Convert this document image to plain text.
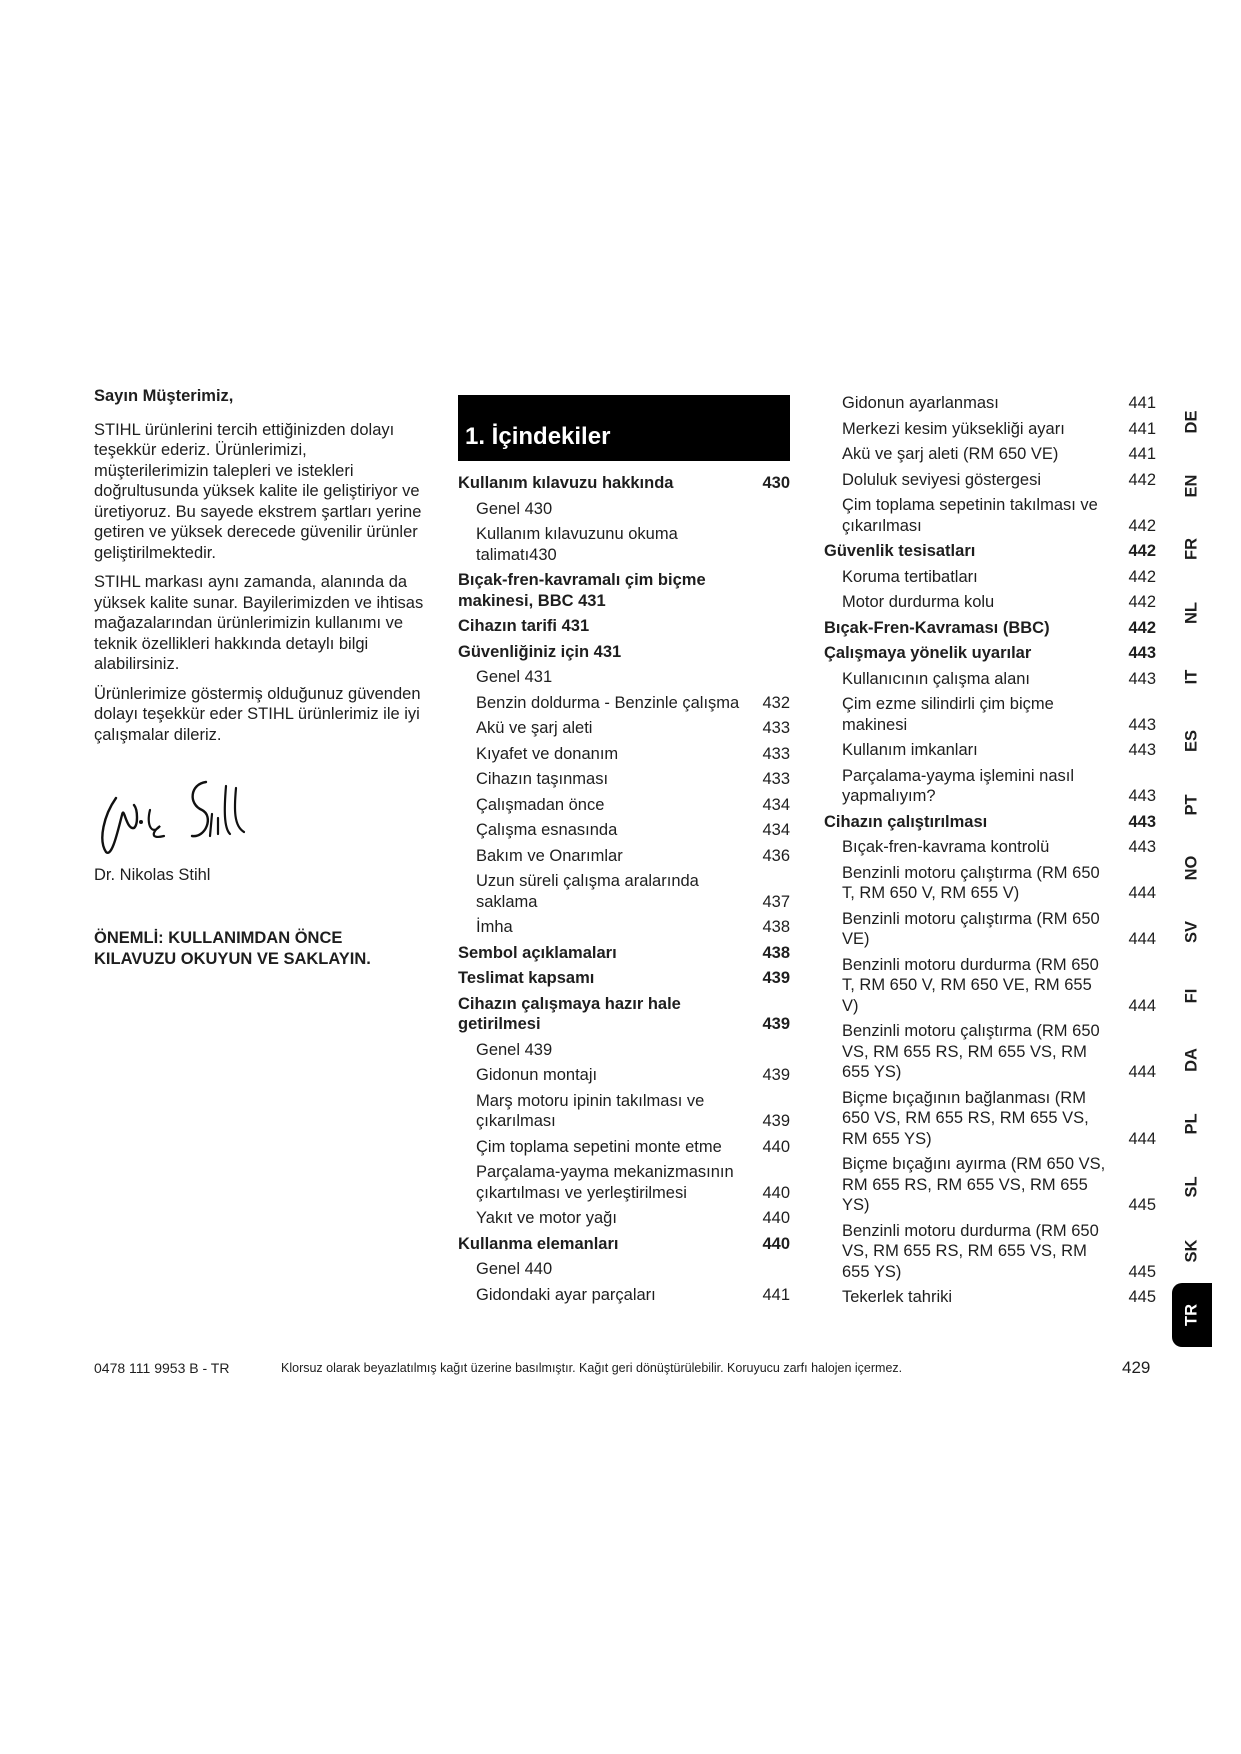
Sayın Müşterimiz,

STIHL ürünlerini tercih ettiğinizden dolayı teşekkür ederiz. Ürünlerimizi, müşterilerimizin talepleri ve istekleri doğrultusunda yüksek kalite ile geliştiriyor ve üretiyoruz. Bu sayede ekstrem şartları yerine getiren ve yüksek derecede güvenilir ürünler geliştirilmektedir.

STIHL markası aynı zamanda, alanında da yüksek kalite sunar. Bayilerimizden ve ihtisas mağazalarından ürünlerimizin kullanımı ve teknik özellikleri hakkında detaylı bilgi alabilirsiniz.

Ürünlerimize göstermiş olduğunuz güvenden dolayı teşekkür eder STIHL ürünlerimiz ile iyi çalışmalar dileriz.

Dr. Nikolas Stihl
ÖNEMLİ: KULLANIMDAN ÖNCE KILAVUZU OKUYUN VE SAKLAYIN.
1. İçindekiler
Kullanım kılavuzu hakkında	430
Genel 430
Kullanım kılavuzunu okuma talimatı430
Bıçak-fren-kavramalı çim biçme makinesi, BBC 431
Cihazın tarifi 431
Güvenliğiniz için 431
Genel 431
Benzin doldurma - Benzinle çalışma	432
Akü ve şarj aleti	433
Kıyafet ve donanım	433
Cihazın taşınması	433
Çalışmadan önce	434
Çalışma esnasında	434
Bakım ve Onarımlar	436
Uzun süreli çalışma aralarında saklama	437
İmha	438
Sembol açıklamaları	438
Teslimat kapsamı	439
Cihazın çalışmaya hazır hale getirilmesi	439
Genel 439
Gidonun montajı	439
Marş motoru ipinin takılması ve çıkarılması	439
Çim toplama sepetini monte etme	440
Parçalama-yayma mekanizmasının çıkartılması ve yerleştirilmesi	440
Yakıt ve motor yağı	440
Kullanma elemanları	440
Genel 440
Gidondaki ayar parçaları	441
Gidonun ayarlanması	441
Merkezi kesim yüksekliği ayarı	441
Akü ve şarj aleti (RM 650 VE)	441
Doluluk seviyesi göstergesi	442
Çim toplama sepetinin takılması ve çıkarılması	442
Güvenlik tesisatları	442
Koruma tertibatları	442
Motor durdurma kolu	442
Bıçak-Fren-Kavraması (BBC)	442
Çalışmaya yönelik uyarılar	443
Kullanıcının çalışma alanı	443
Çim ezme silindirli çim biçme makinesi	443
Kullanım imkanları	443
Parçalama-yayma işlemini nasıl yapmalıyım?	443
Cihazın çalıştırılması	443
Bıçak-fren-kavrama kontrolü	443
Benzinli motoru çalıştırma (RM 650 T, RM 650 V, RM 655 V)	444
Benzinli motoru çalıştırma (RM 650 VE)	444
Benzinli motoru durdurma (RM 650 T, RM 650 V, RM 650 VE, RM 655 V)	444
Benzinli motoru çalıştırma (RM 650 VS, RM 655 RS, RM 655 VS, RM 655 YS)	444
Biçme bıçağının bağlanması (RM 650 VS, RM 655 RS, RM 655 VS, RM 655 YS)	444
Biçme bıçağını ayırma (RM 650 VS, RM 655 RS, RM 655 VS, RM 655 YS)	445
Benzinli motoru durdurma (RM 650 VS, RM 655 RS, RM 655 VS, RM 655 YS)	445
Tekerlek tahriki	445
DE
EN
FR
NL
IT
ES
PT
NO
SV
FI
DA
PL
SL
SK
TR
0478 111 9953 B - TR	Klorsuz olarak beyazlatılmış kağıt üzerine basılmıştır. Kağıt geri dönüştürülebilir. Koruyucu zarfı halojen içermez.	429
